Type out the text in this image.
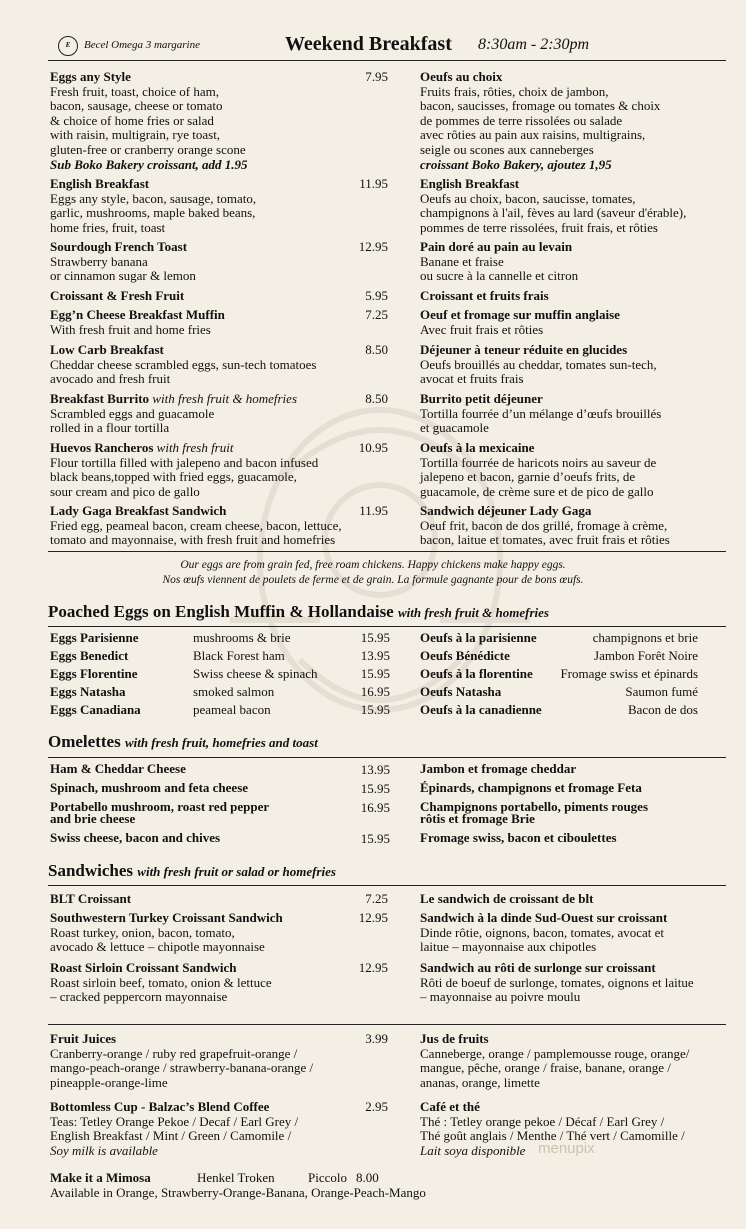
E	Becel Omega 3 margarine	Weekend Breakfast 8:30am - 2:30pm
Eggs any Style
Fresh fruit, toast, choice of ham,
bacon, sausage, cheese or tomato
& choice of home fries or salad
with raisin, multigrain, rye toast,
gluten-free or cranberry orange scone
Sub Boko Bakery croissant, add 1.95
7.95 Oeufs au choix
Fruits frais, rôties, choix de jambon,
bacon, saucisses, fromage ou tomates & choix
de pommes de terre rissolées ou salade
avec rôties au pain aux raisins, multigrains,
seigle ou scones aux canneberges
croissant Boko Bakery, ajoutez 1,95
English Breakfast
Eggs any style, bacon, sausage, tomato,
garlic, mushrooms, maple baked beans,
home fries, fruit, toast
11.95 English Breakfast
Oeufs au choix, bacon, saucisse, tomates,
champignons à l'ail, fèves au lard (saveur d'érable),
pommes de terre rissolées, fruit frais, et rôties
Sourdough French Toast
Strawberry banana
or cinnamon sugar & lemon
12.95 Pain doré au pain au levain
Banane et fraise
ou sucre à la cannelle et citron
Croissant & Fresh Fruit	5.95 Croissant et fruits frais
Egg’n Cheese Breakfast Muffin
With fresh fruit and home fries
7.25 Oeuf et fromage sur muffin anglaise
Avec fruit frais et rôties
Low Carb Breakfast
Cheddar cheese scrambled eggs, sun-tech tomatoes
avocado and fresh fruit
8.50 Déjeuner à teneur réduite en glucides
Oeufs brouillés au cheddar, tomates sun-tech,
avocat et fruits frais
Breakfast Burrito with fresh fruit & homefries
Scrambled eggs and guacamole
rolled in a flour tortilla
8.50 Burrito petit déjeuner
Tortilla fourrée d’un mélange d’œufs brouillés
et guacamole
Huevos Rancheros with fresh fruit
Flour tortilla filled with jalepeno and bacon infused
black beans,topped with fried eggs, guacamole,
sour cream and pico de gallo
10.95 Oeufs à la mexicaine
Tortilla fourrée de haricots noirs au saveur de
jalepeno et bacon, garnie d’oeufs frits, de
guacamole, de crème sure et de pico de gallo
Lady Gaga Breakfast Sandwich
Fried egg, peameal bacon, cream cheese, bacon, lettuce,
tomato and mayonnaise, with fresh fruit and homefries
11.95 Sandwich déjeuner Lady Gaga
Oeuf frit, bacon de dos grillé, fromage à crème,
bacon, laitue et tomates, avec fruit frais et rôties
Our eggs are from grain fed, free roam chickens. Happy chickens make happy eggs.
Nos œufs viennent de poulets de ferme et de grain. La formule gagnante pour de bons œufs.
Poached Eggs on English Muffin & Hollandaise with fresh fruit & homefries
Eggs Parisienne	mushrooms & brie	15.95 Oeufs à la parisienne	champignons et brie
Eggs Benedict	Black Forest ham	13.95 Oeufs Bénédicte	Jambon Forêt Noire
Eggs Florentine	Swiss cheese & spinach	15.95 Oeufs à la florentine	Fromage swiss et épinards
Eggs Natasha	smoked salmon	16.95 Oeufs Natasha	Saumon fumé
Eggs Canadiana	peameal bacon	15.95 Oeufs à la canadienne	Bacon de dos
Omelettes with fresh fruit, homefries and toast
Ham & Cheddar Cheese	13.95 Jambon et fromage cheddar
Spinach, mushroom and feta cheese	15.95 Épinards, champignons et fromage Feta
Portabello mushroom, roast red pepper
and brie cheese
16.95 Champignons portabello, piments rouges
rôtis et fromage Brie
Swiss cheese, bacon and chives	15.95 Fromage swiss, bacon et ciboulettes
Sandwiches with fresh fruit or salad or homefries
BLT Croissant	7.25 Le sandwich de croissant de blt
Southwestern Turkey Croissant Sandwich
Roast turkey, onion, bacon, tomato,
avocado & lettuce – chipotle mayonnaise
12.95 Sandwich à la dinde Sud-Ouest sur croissant
Dinde rôtie, oignons, bacon, tomates, avocat et
laitue – mayonnaise aux chipotles
Roast Sirloin Croissant Sandwich
Roast sirloin beef, tomato, onion & lettuce
– cracked peppercorn mayonnaise
12.95 Sandwich au rôti de surlonge sur croissant
Rôti de boeuf de surlonge, tomates, oignons et laitue
– mayonnaise au poivre moulu
Fruit Juices
Cranberry-orange / ruby red grapefruit-orange /
mango-peach-orange / strawberry-banana-orange /
pineapple-orange-lime
3.99 Jus de fruits
Canneberge, orange / pamplemousse rouge, orange/
mangue, pêche, orange / fraise, banane, orange /
ananas, orange, limette
Bottomless Cup - Balzac’s Blend Coffee
Teas: Tetley Orange Pekoe / Decaf / Earl Grey /
English Breakfast / Mint / Green / Camomile /
Soy milk is available
2.95 Café et thé
Thé : Tetley orange pekoe / Décaf / Earl Grey /
Thé goût anglais / Menthe / Thé vert / Camomille /
Lait soya disponible
Make it a Mimosa	Henkel Troken	Piccolo 8.00
Available in Orange, Strawberry-Orange-Banana, Orange-Peach-Mango
menupix
